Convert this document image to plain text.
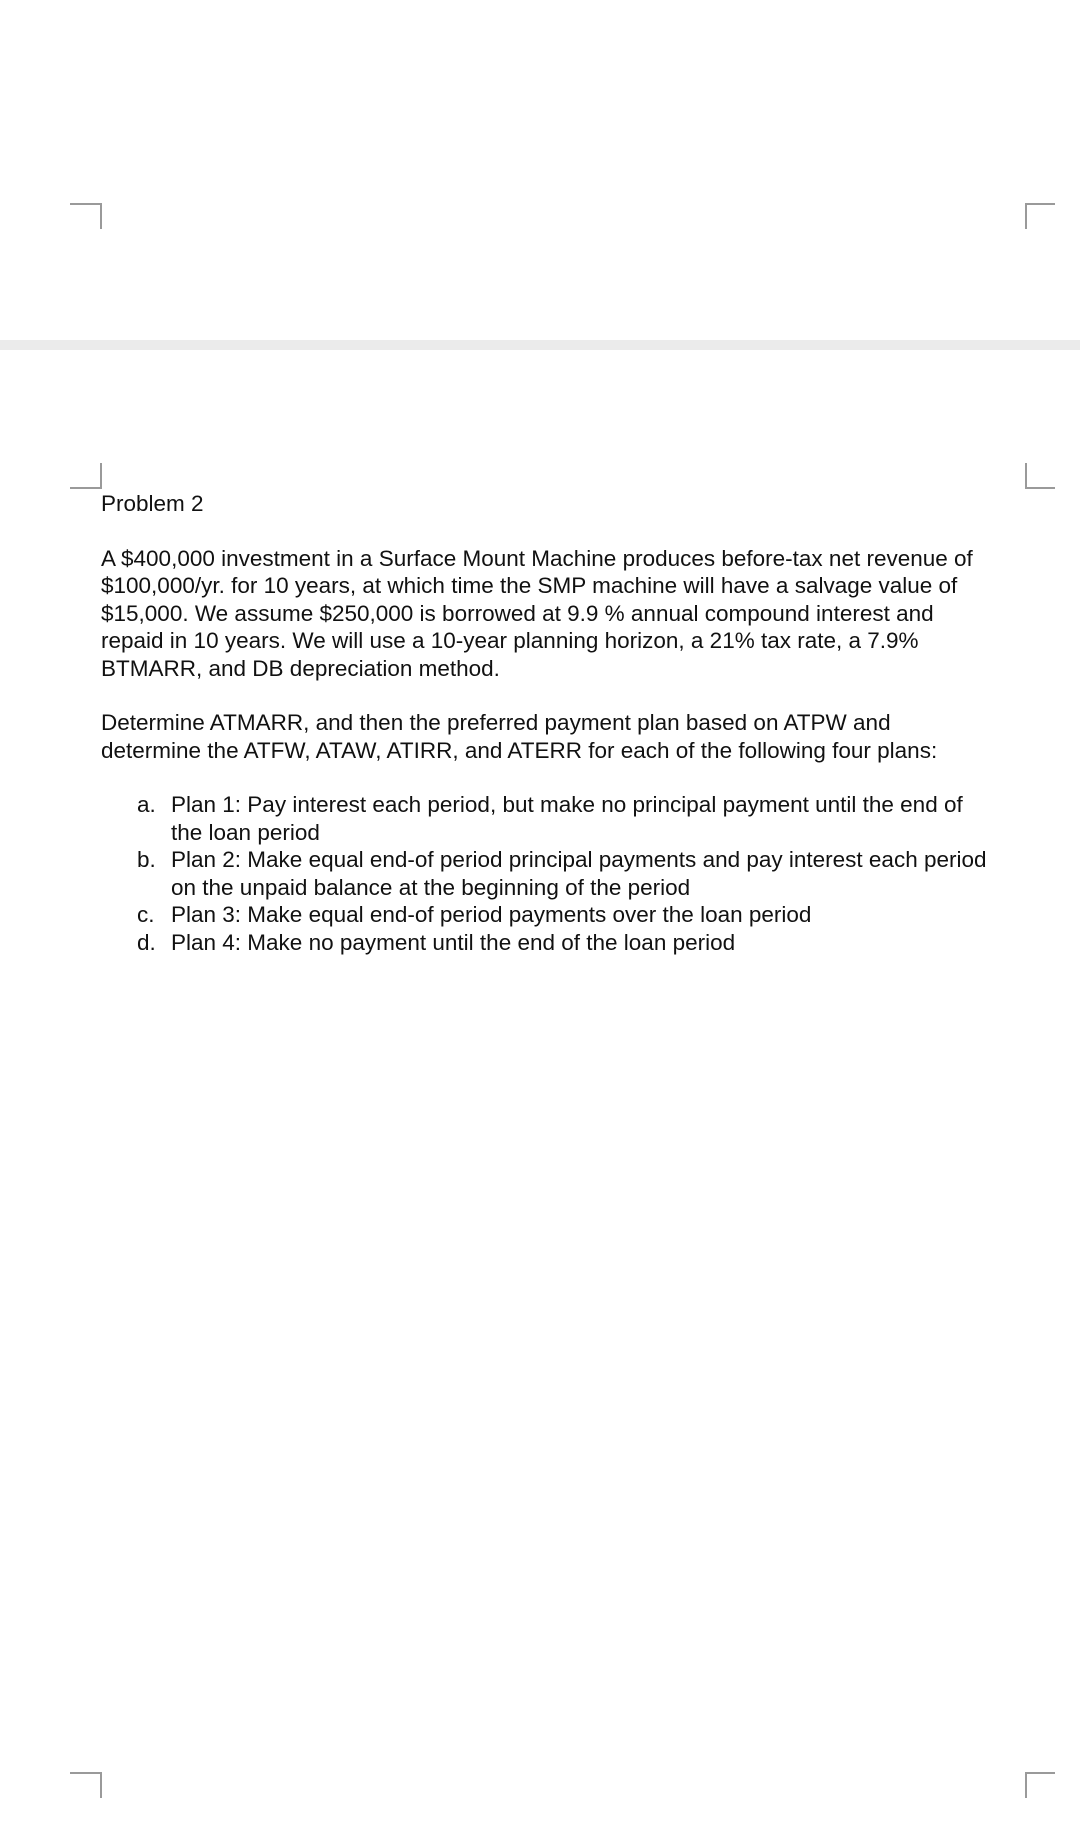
Problem 2
A $400,000 investment in a Surface Mount Machine produces before-tax net revenue of
$100,000/yr. for 10 years, at which time the SMP machine will have a salvage value of
$15,000. We assume $250,000 is borrowed at 9.9 % annual compound interest and
repaid in 10 years. We will use a 10-year planning horizon, a 21% tax rate, a 7.9%
BTMARR, and DB depreciation method.
Determine ATMARR, and then the preferred payment plan based on ATPW and
determine the ATFW, ATAW, ATIRR, and ATERR for each of the following four plans:
a. Plan 1: Pay interest each period, but make no principal payment until the end of
the loan period
b. Plan 2: Make equal end-of period principal payments and pay interest each period
on the unpaid balance at the beginning of the period
c. Plan 3: Make equal end-of period payments over the loan period
d. Plan 4: Make no payment until the end of the loan period
